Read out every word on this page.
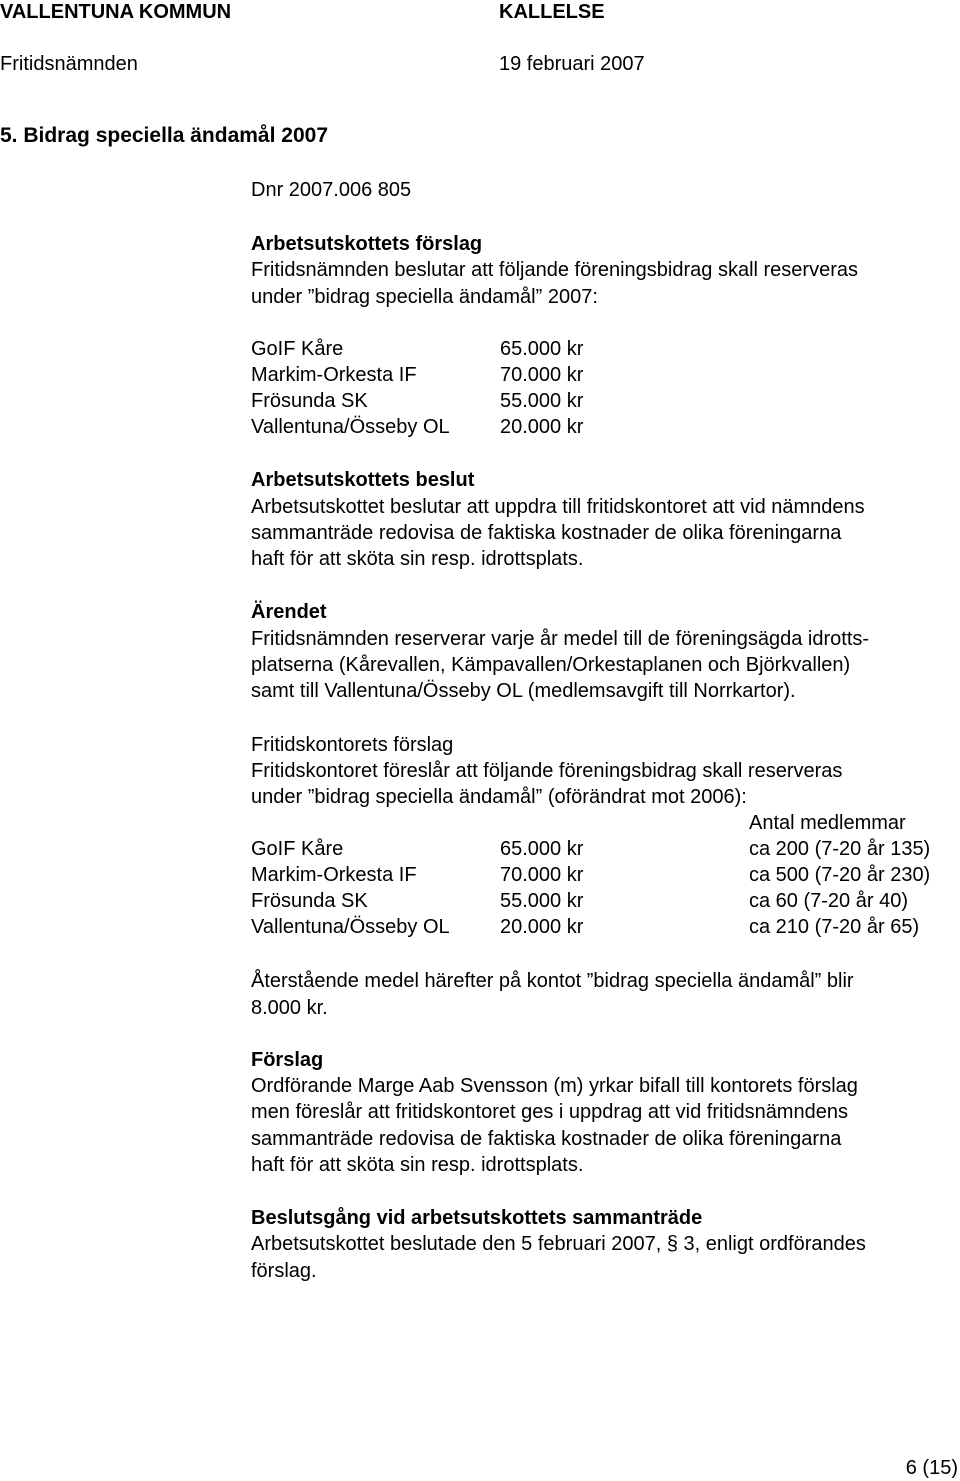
VALLENTUNA KOMMUN	KALLELSE
Fritidsnämnden	19 februari 2007
5. Bidrag speciella ändamål 2007
Dnr 2007.006 805
Arbetsutskottets förslag
Fritidsnämnden beslutar att följande föreningsbidrag skall reserveras
under ”bidrag speciella ändamål” 2007:
GoIF Kåre	65.000 kr
Markim-Orkesta IF	70.000 kr
Frösunda SK	55.000 kr
Vallentuna/Össeby OL	20.000 kr
Arbetsutskottets beslut
Arbetsutskottet beslutar att uppdra till fritidskontoret att vid nämndens
sammanträde redovisa de faktiska kostnader de olika föreningarna
haft för att sköta sin resp. idrottsplats.
Ärendet
Fritidsnämnden reserverar varje år medel till de föreningsägda idrotts-
platserna (Kårevallen, Kämpavallen/Orkestaplanen och Björkvallen)
samt till Vallentuna/Össeby OL (medlemsavgift till Norrkartor).
Fritidskontorets förslag
Fritidskontoret föreslår att följande föreningsbidrag skall reserveras
under ”bidrag speciella ändamål” (oförändrat mot 2006):
Antal medlemmar
GoIF Kåre	65.000 kr	ca 200 (7-20 år 135)
Markim-Orkesta IF	70.000 kr	ca 500 (7-20 år 230)
Frösunda SK	55.000 kr	ca 60 (7-20 år 40)
Vallentuna/Össeby OL	20.000 kr	ca 210 (7-20 år 65)
Återstående medel härefter på kontot ”bidrag speciella ändamål” blir
8.000 kr.
Förslag
Ordförande Marge Aab Svensson (m) yrkar bifall till kontorets förslag
men föreslår att fritidskontoret ges i uppdrag att vid fritidsnämndens
sammanträde redovisa de faktiska kostnader de olika föreningarna
haft för att sköta sin resp. idrottsplats.
Beslutsgång vid arbetsutskottets sammanträde
Arbetsutskottet beslutade den 5 februari 2007, § 3, enligt ordförandes
förslag.
6 (15)
